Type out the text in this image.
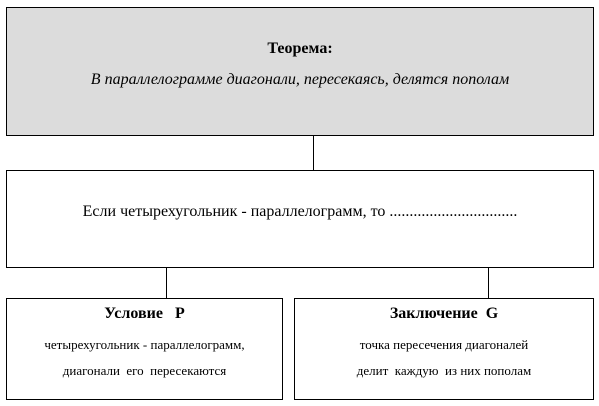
Теорема:
В параллелограмме диагонали, пересекаясь, делятся пополам
Если четырехугольник - параллелограмм, то ................................
Условие   P
четырехугольник - параллелограмм,
диагонали  его  пересекаются
Заключение  G
точка пересечения диагоналей
делит  каждую  из них пополам
